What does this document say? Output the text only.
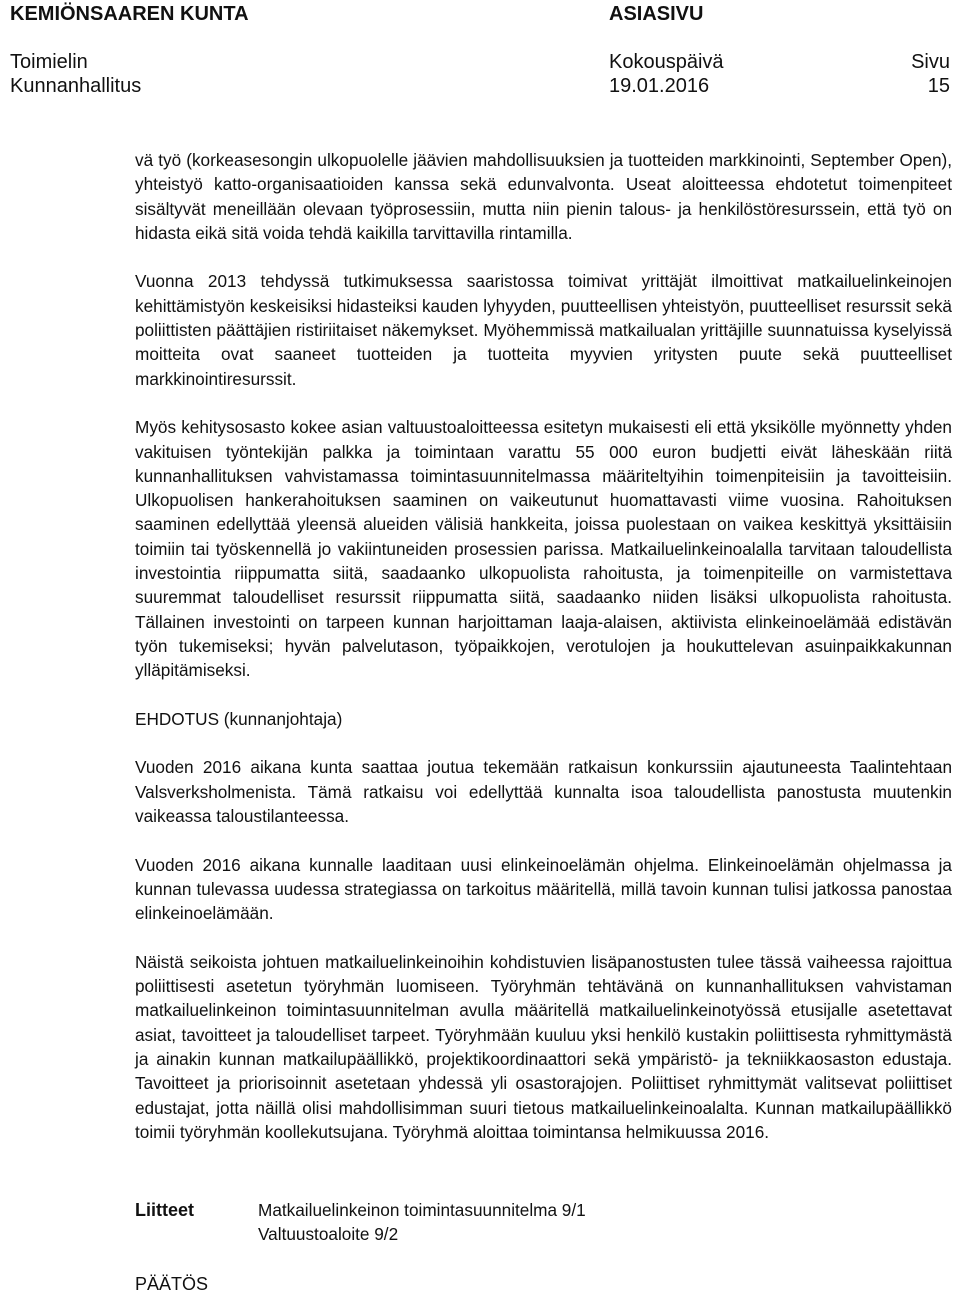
KEMIÖNSAAREN KUNTA	ASIASIVU
Toimielin	Kokouspäivä	Sivu
Kunnanhallitus	19.01.2016	15

vä työ (korkeasesongin ulkopuolelle jäävien mahdollisuuksien ja tuotteiden markkinointi, September Open), yhteistyö katto-organisaatioiden kanssa sekä edunvalvonta. Useat aloitteessa ehdotetut toimenpiteet sisältyvät meneillään olevaan työprosessiin, mutta niin pienin talous- ja henkilöstöresurssein, että työ on hidasta eikä sitä voida tehdä kaikilla tarvittavilla rintamilla.

Vuonna 2013 tehdyssä tutkimuksessa saaristossa toimivat yrittäjät ilmoittivat matkailuelinkeinojen kehittämistyön keskeisiksi hidasteiksi kauden lyhyyden, puutteellisen yhteistyön, puutteelliset resurssit sekä poliittisten päättäjien ristiriitaiset näkemykset. Myöhemmissä matkailualan yrittäjille suunnatuissa kyselyissä moitteita ovat saaneet tuotteiden ja tuotteita myyvien yritysten puute sekä puutteelliset markkinointiresurssit.

Myös kehitysosasto kokee asian valtuustoaloitteessa esitetyn mukaisesti eli että yksikölle myönnetty yhden vakituisen työntekijän palkka ja toimintaan varattu 55 000 euron budjetti eivät läheskään riitä kunnanhallituksen vahvistamassa toimintasuunnitelmassa määriteltyihin toimenpiteisiin ja tavoitteisiin. Ulkopuolisen hankerahoituksen saaminen on vaikeutunut huomattavasti viime vuosina. Rahoituksen saaminen edellyttää yleensä alueiden välisiä hankkeita, joissa puolestaan on vaikea keskittyä yksittäisiin toimiin tai työskennellä jo vakiintuneiden prosessien parissa. Matkailuelinkeinoalalla tarvitaan taloudellista investointia riippumatta siitä, saadaanko ulkopuolista rahoitusta, ja toimenpiteille on varmistettava suuremmat taloudelliset resurssit riippumatta siitä, saadaanko niiden lisäksi ulkopuolista rahoitusta. Tällainen investointi on tarpeen kunnan harjoittaman laaja-alaisen, aktiivista elinkeinoelämää edistävän työn tukemiseksi; hyvän palvelutason, työpaikkojen, verotulojen ja houkuttelevan asuinpaikkakunnan ylläpitämiseksi.

EHDOTUS (kunnanjohtaja)

Vuoden 2016 aikana kunta saattaa joutua tekemään ratkaisun konkurssiin ajautuneesta Taalintehtaan Valsverksholmenista. Tämä ratkaisu voi edellyttää kunnalta isoa taloudellista panostusta muutenkin vaikeassa taloustilanteessa.

Vuoden 2016 aikana kunnalle laaditaan uusi elinkeinoelämän ohjelma. Elinkeinoelämän ohjelmassa ja kunnan tulevassa uudessa strategiassa on tarkoitus määritellä, millä tavoin kunnan tulisi jatkossa panostaa elinkeinoelämään.

Näistä seikoista johtuen matkailuelinkeinoihin kohdistuvien lisäpanostusten tulee tässä vaiheessa rajoittua poliittisesti asetetun työryhmän luomiseen. Työryhmän tehtävänä on kunnanhallituksen vahvistaman matkailuelinkeinon toimintasuunnitelman avulla määritellä matkailuelinkeinotyössä etusijalle asetettavat asiat, tavoitteet ja taloudelliset tarpeet. Työryhmään kuuluu yksi henkilö kustakin poliittisesta ryhmittymästä ja ainakin kunnan matkailupäällikkö, projektikoordinaattori sekä ympäristö- ja tekniikkaosaston edustaja. Tavoitteet ja priorisoinnit asetetaan yhdessä yli osastorajojen. Poliittiset ryhmittymät valitsevat poliittiset edustajat, jotta näillä olisi mahdollisimman suuri tietous matkailuelinkeinoalalta. Kunnan matkailupäällikkö toimii työryhmän koollekutsujana. Työryhmä aloittaa toimintansa helmikuussa 2016.

Liitteet	Matkailuelinkeinon toimintasuunnitelma 9/1
Valtuustoaloite 9/2
PÄÄTÖS
